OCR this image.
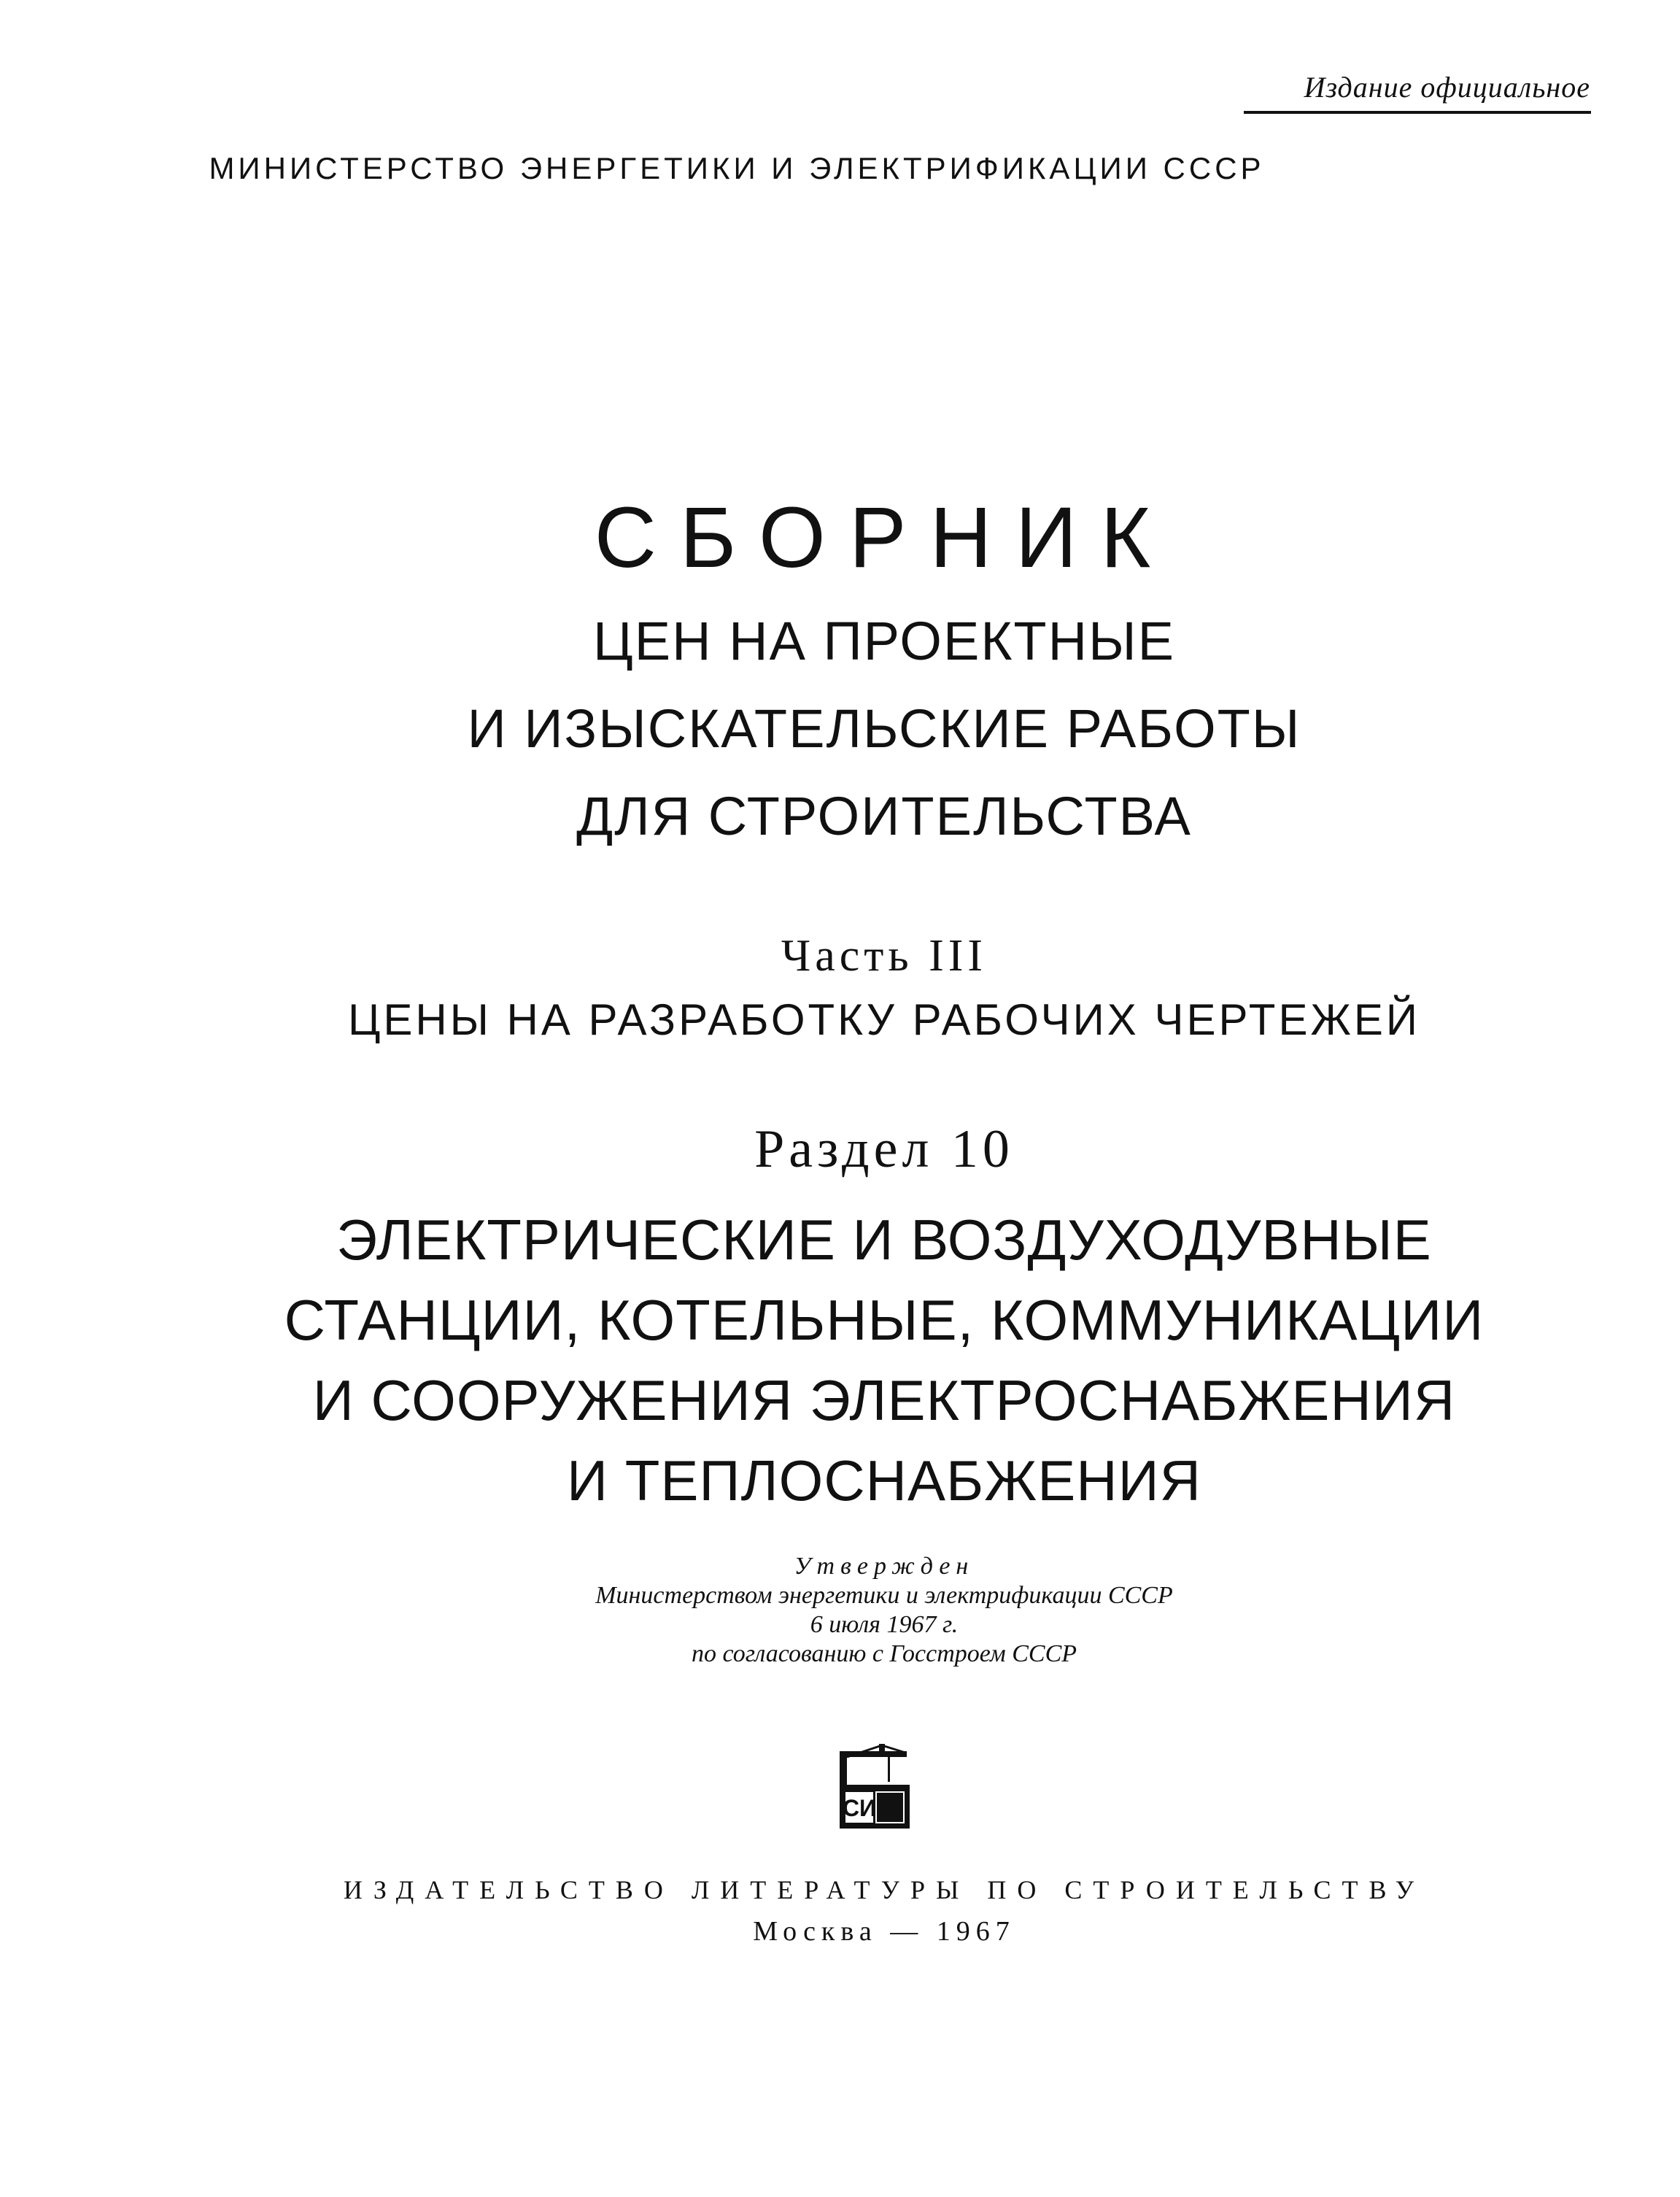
Издание официальное
МИНИСТЕРСТВО ЭНЕРГЕТИКИ И ЭЛЕКТРИФИКАЦИИ СССР
СБОРНИК
ЦЕН НА ПРОЕКТНЫЕ
И ИЗЫСКАТЕЛЬСКИЕ РАБОТЫ
ДЛЯ СТРОИТЕЛЬСТВА
Часть III
ЦЕНЫ НА РАЗРАБОТКУ РАБОЧИХ ЧЕРТЕЖЕЙ
Раздел 10
ЭЛЕКТРИЧЕСКИЕ И ВОЗДУХОДУВНЫЕ
СТАНЦИИ, КОТЕЛЬНЫЕ, КОММУНИКАЦИИ
И СООРУЖЕНИЯ ЭЛЕКТРОСНАБЖЕНИЯ
И ТЕПЛОСНАБЖЕНИЯ
Утвержден
Министерством энергетики и электрификации СССР
6 июля 1967 г.
по согласованию с Госстроем СССР
СИ
ИЗДАТЕЛЬСТВО ЛИТЕРАТУРЫ ПО СТРОИТЕЛЬСТВУ
Москва — 1967
